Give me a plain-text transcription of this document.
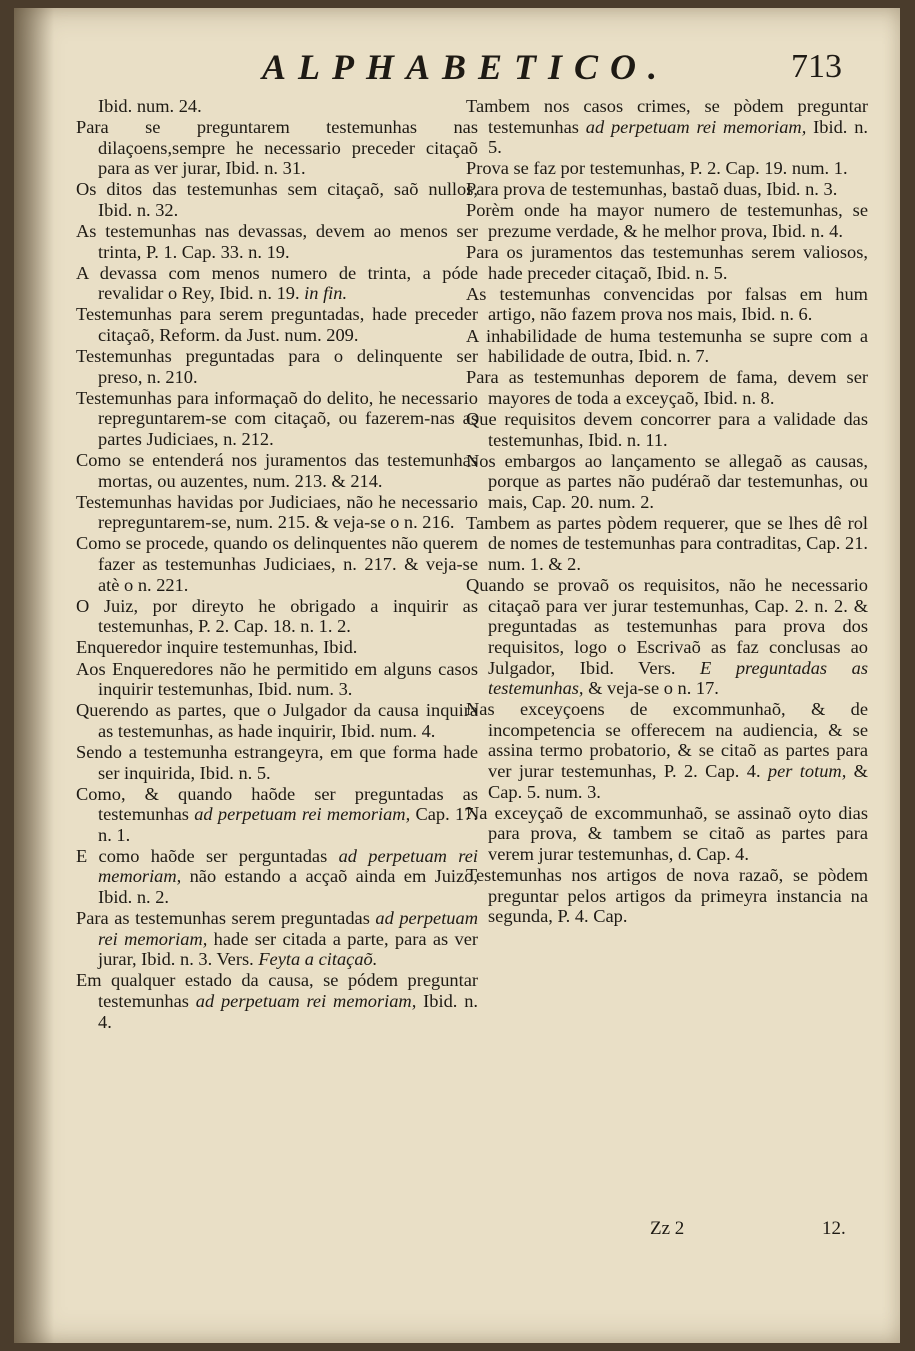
ALPHABETICO.	713

Ibid. num. 24.

Para se preguntarem testemunhas nas dilaçoens,sempre he necessario preceder citaçaõ para as ver jurar, Ibid. n. 31.

Os ditos das testemunhas sem citaçaõ, saõ nullos, Ibid. n. 32.

As testemunhas nas devassas, devem ao menos ser trinta, P. 1. Cap. 33. n. 19.

A devassa com menos numero de trinta, a póde revalidar o Rey, Ibid. n. 19. in fin.

Testemunhas para serem preguntadas, hade preceder citaçaõ, Reform. da Just. num. 209.

Testemunhas preguntadas para o delinquente ser preso, n. 210.

Testemunhas para informaçaõ do delito, he necessario repreguntarem-se com citaçaõ, ou fazerem-nas as partes Judiciaes, n. 212.

Como se entenderá nos juramentos das testemunhas mortas, ou auzentes, num. 213. & 214.

Testemunhas havidas por Judiciaes, não he necessario repreguntarem-se, num. 215. & veja-se o n. 216.

Como se procede, quando os delinquentes não querem fazer as testemunhas Judiciaes, n. 217. & veja-se atè o n. 221.

O Juiz, por direyto he obrigado a inquirir as testemunhas, P. 2. Cap. 18. n. 1. 2.

Enqueredor inquire testemunhas, Ibid.

Aos Enqueredores não he permitido em alguns casos inquirir testemunhas, Ibid. num. 3.

Querendo as partes, que o Julgador da causa inquira as testemunhas, as hade inquirir, Ibid. num. 4.

Sendo a testemunha estrangeyra, em que forma hade ser inquirida, Ibid. n. 5.

Como, & quando haõde ser preguntadas as testemunhas ad perpetuam rei memoriam, Cap. 17. n. 1.

E como haõde ser perguntadas ad perpetuam rei memoriam, não estando a acçaõ ainda em Juizo, Ibid. n. 2.

Para as testemunhas serem preguntadas ad perpetuam rei memoriam, hade ser citada a parte, para as ver jurar, Ibid. n. 3. Vers. Feyta a citaçaõ.

Em qualquer estado da causa, se pódem preguntar testemunhas ad perpetuam rei memoriam, Ibid. n. 4.

Tambem nos casos crimes, se pòdem preguntar testemunhas ad perpetuam rei memoriam, Ibid. n. 5.

Prova se faz por testemunhas, P. 2. Cap. 19. num. 1.

Para prova de testemunhas, bastaõ duas, Ibid. n. 3.

Porèm onde ha mayor numero de testemunhas, se prezume verdade, & he melhor prova, Ibid. n. 4.

Para os juramentos das testemunhas serem valiosos, hade preceder citaçaõ, Ibid. n. 5.

As testemunhas convencidas por falsas em hum artigo, não fazem prova nos mais, Ibid. n. 6.

A inhabilidade de huma testemunha se supre com a habilidade de outra, Ibid. n. 7.

Para as testemunhas deporem de fama, devem ser mayores de toda a exceyçaõ, Ibid. n. 8.

Que requisitos devem concorrer para a validade das testemunhas, Ibid. n. 11.

Nos embargos ao lançamento se allegaõ as causas, porque as partes não pudéraõ dar testemunhas, ou mais, Cap. 20. num. 2.

Tambem as partes pòdem requerer, que se lhes dê rol de nomes de testemunhas para contraditas, Cap. 21. num. 1. & 2.

Quando se provaõ os requisitos, não he necessario citaçaõ para ver jurar testemunhas, Cap. 2. n. 2. & preguntadas as testemunhas para prova dos requisitos, logo o Escrivaõ as faz conclusas ao Julgador, Ibid. Vers. E preguntadas as testemunhas, & veja-se o n. 17.

Nas exceyçoens de excommunhaõ, & de incompetencia se offerecem na audiencia, & se assina termo probatorio, & se citaõ as partes para ver jurar testemunhas, P. 2. Cap. 4. per totum, & Cap. 5. num. 3.

Na exceyçaõ de excommunhaõ, se assinaõ oyto dias para prova, & tambem se citaõ as partes para verem jurar testemunhas, d. Cap. 4.

Testemunhas nos artigos de nova razaõ, se pòdem preguntar pelos artigos da primeyra instancia na segunda, P. 4. Cap.

Zz 2	12.
